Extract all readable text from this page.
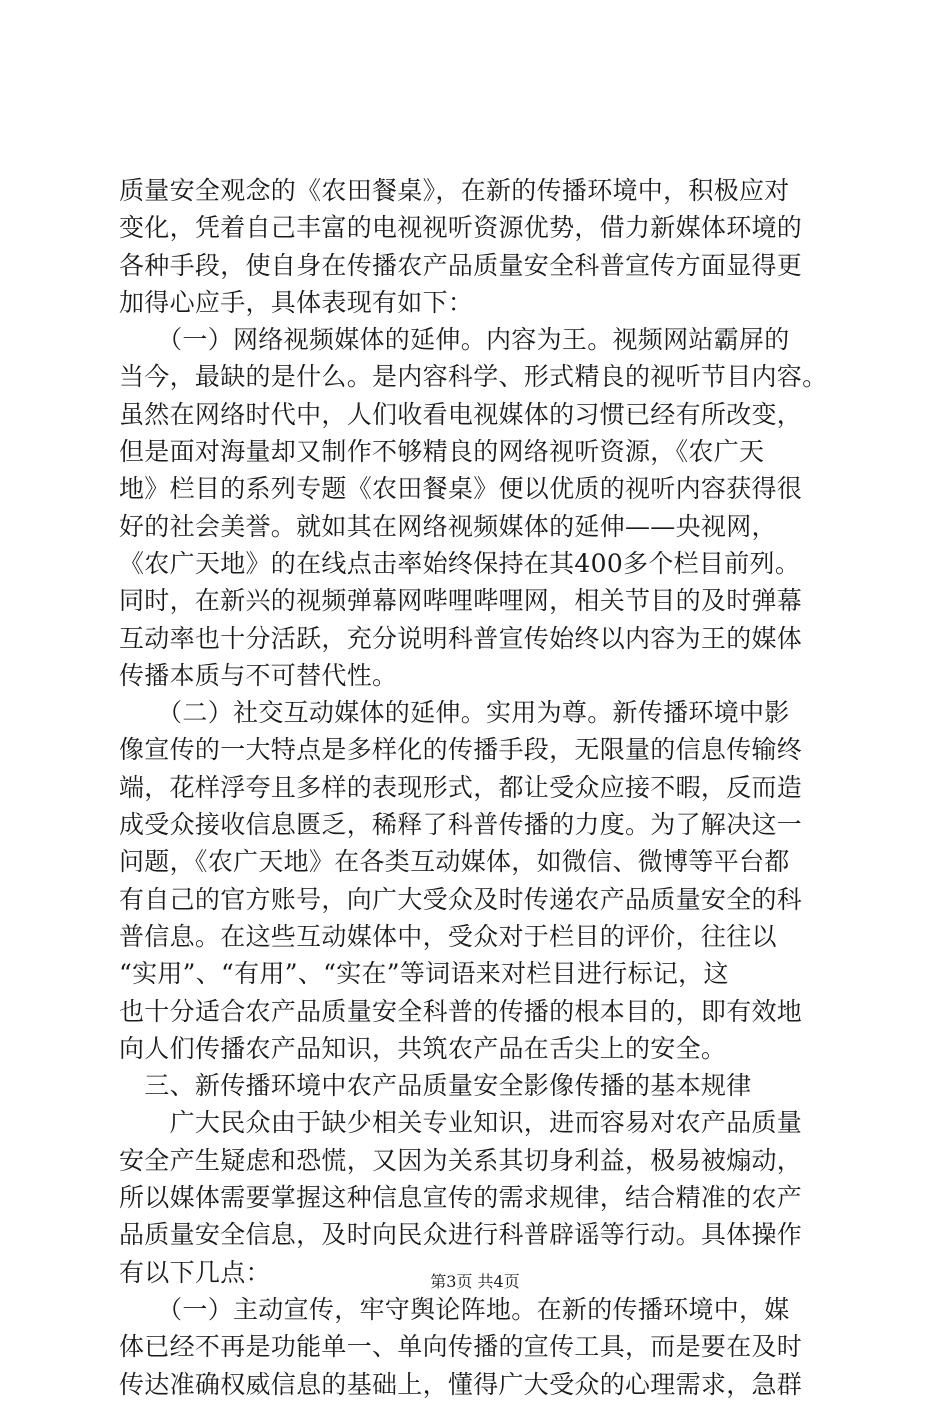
质量安全观念的《农田餐桌》，在新的传播环境中，积极应对
变化，凭着自己丰富的电视视听资源优势，借力新媒体环境的
各种手段，使自身在传播农产品质量安全科普宣传方面显得更
加得心应手，具体表现有如下：
　　（一）网络视频媒体的延伸。内容为王。视频网站霸屏的
当今，最缺的是什么。是内容科学、形式精良的视听节目内容。
虽然在网络时代中，人们收看电视媒体的习惯已经有所改变，
但是面对海量却又制作不够精良的网络视听资源，《农广天
地》栏目的系列专题《农田餐桌》便以优质的视听内容获得很
好的社会美誉。就如其在网络视频媒体的延伸——央视网，
《农广天地》的在线点击率始终保持在其400多个栏目前列。
同时，在新兴的视频弹幕网哔哩哔哩网，相关节目的及时弹幕
互动率也十分活跃，充分说明科普宣传始终以内容为王的媒体
传播本质与不可替代性。
　　（二）社交互动媒体的延伸。实用为尊。新传播环境中影
像宣传的一大特点是多样化的传播手段，无限量的信息传输终
端，花样浮夸且多样的表现形式，都让受众应接不暇，反而造
成受众接收信息匮乏，稀释了科普传播的力度。为了解决这一
问题，《农广天地》在各类互动媒体，如微信、微博等平台都
有自己的官方账号，向广大受众及时传递农产品质量安全的科
普信息。在这些互动媒体中，受众对于栏目的评价，往往以
“实用”、“有用”、“实在”等词语来对栏目进行标记，这
也十分适合农产品质量安全科普的传播的根本目的，即有效地
向人们传播农产品知识，共筑农产品在舌尖上的安全。
　三、新传播环境中农产品质量安全影像传播的基本规律
　　广大民众由于缺少相关专业知识，进而容易对农产品质量
安全产生疑虑和恐慌，又因为关系其切身利益，极易被煽动，
所以媒体需要掌握这种信息宣传的需求规律，结合精准的农产
品质量安全信息，及时向民众进行科普辟谣等行动。具体操作
有以下几点：
　　（一）主动宣传，牢守舆论阵地。在新的传播环境中，媒
体已经不再是功能单一、单向传播的宣传工具，而是要在及时
传达准确权威信息的基础上，懂得广大受众的心理需求，急群
第3页 共4页
